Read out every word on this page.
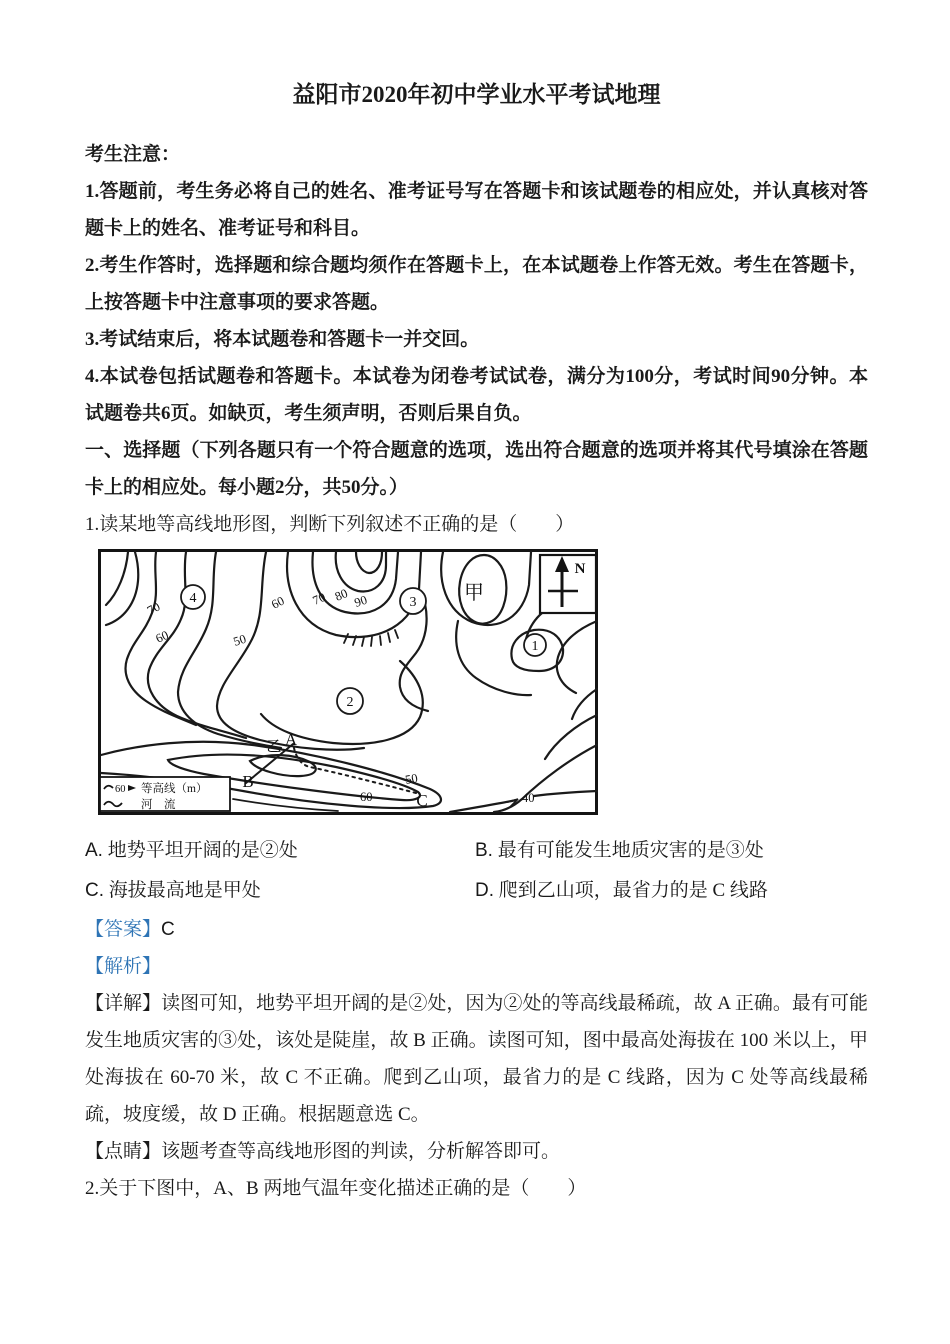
益阳市2020年初中学业水平考试地理

考生注意：

1.答题前，考生务必将自己的姓名、准考证号写在答题卡和该试题卷的相应处，并认真核对答题卡上的姓名、准考证号和科目。

2.考生作答时，选择题和综合题均须作在答题卡上，在本试题卷上作答无效。考生在答题卡，上按答题卡中注意事项的要求答题。

3.考试结束后，将本试题卷和答题卡一并交回。

4.本试卷包括试题卷和答题卡。本试卷为闭卷考试试卷，满分为100分，考试时间90分钟。本试题卷共6页。如缺页，考生须声明，否则后果自负。

一、选择题（下列各题只有一个符合题意的选项，选出符合题意的选项并将其代号填涂在答题卡上的相应处。每小题2分，共50分。）

1.读某地等高线地形图，判断下列叙述不正确的是（　　）

4	3
2
1
70
60	50
60 70 80 90
50
60	40
甲
乙 A
B
C
N
60 等高线（m）
河　流
A. 地势平坦开阔的是②处	B. 最有可能发生地质灾害的是③处
C. 海拔最高地是甲处	D. 爬到乙山项，最省力的是 C 线路

【答案】C

【解析】

【详解】读图可知，地势平坦开阔的是②处，因为②处的等高线最稀疏，故 A 正确。最有可能发生地质灾害的③处，该处是陡崖，故 B 正确。读图可知，图中最高处海拔在 100 米以上，甲处海拔在 60-70 米，故 C 不正确。爬到乙山项，最省力的是 C 线路，因为 C 处等高线最稀疏，坡度缓，故 D 正确。根据题意选 C。

【点睛】该题考查等高线地形图的判读，分析解答即可。

2.关于下图中，A、B 两地气温年变化描述正确的是（　　）
